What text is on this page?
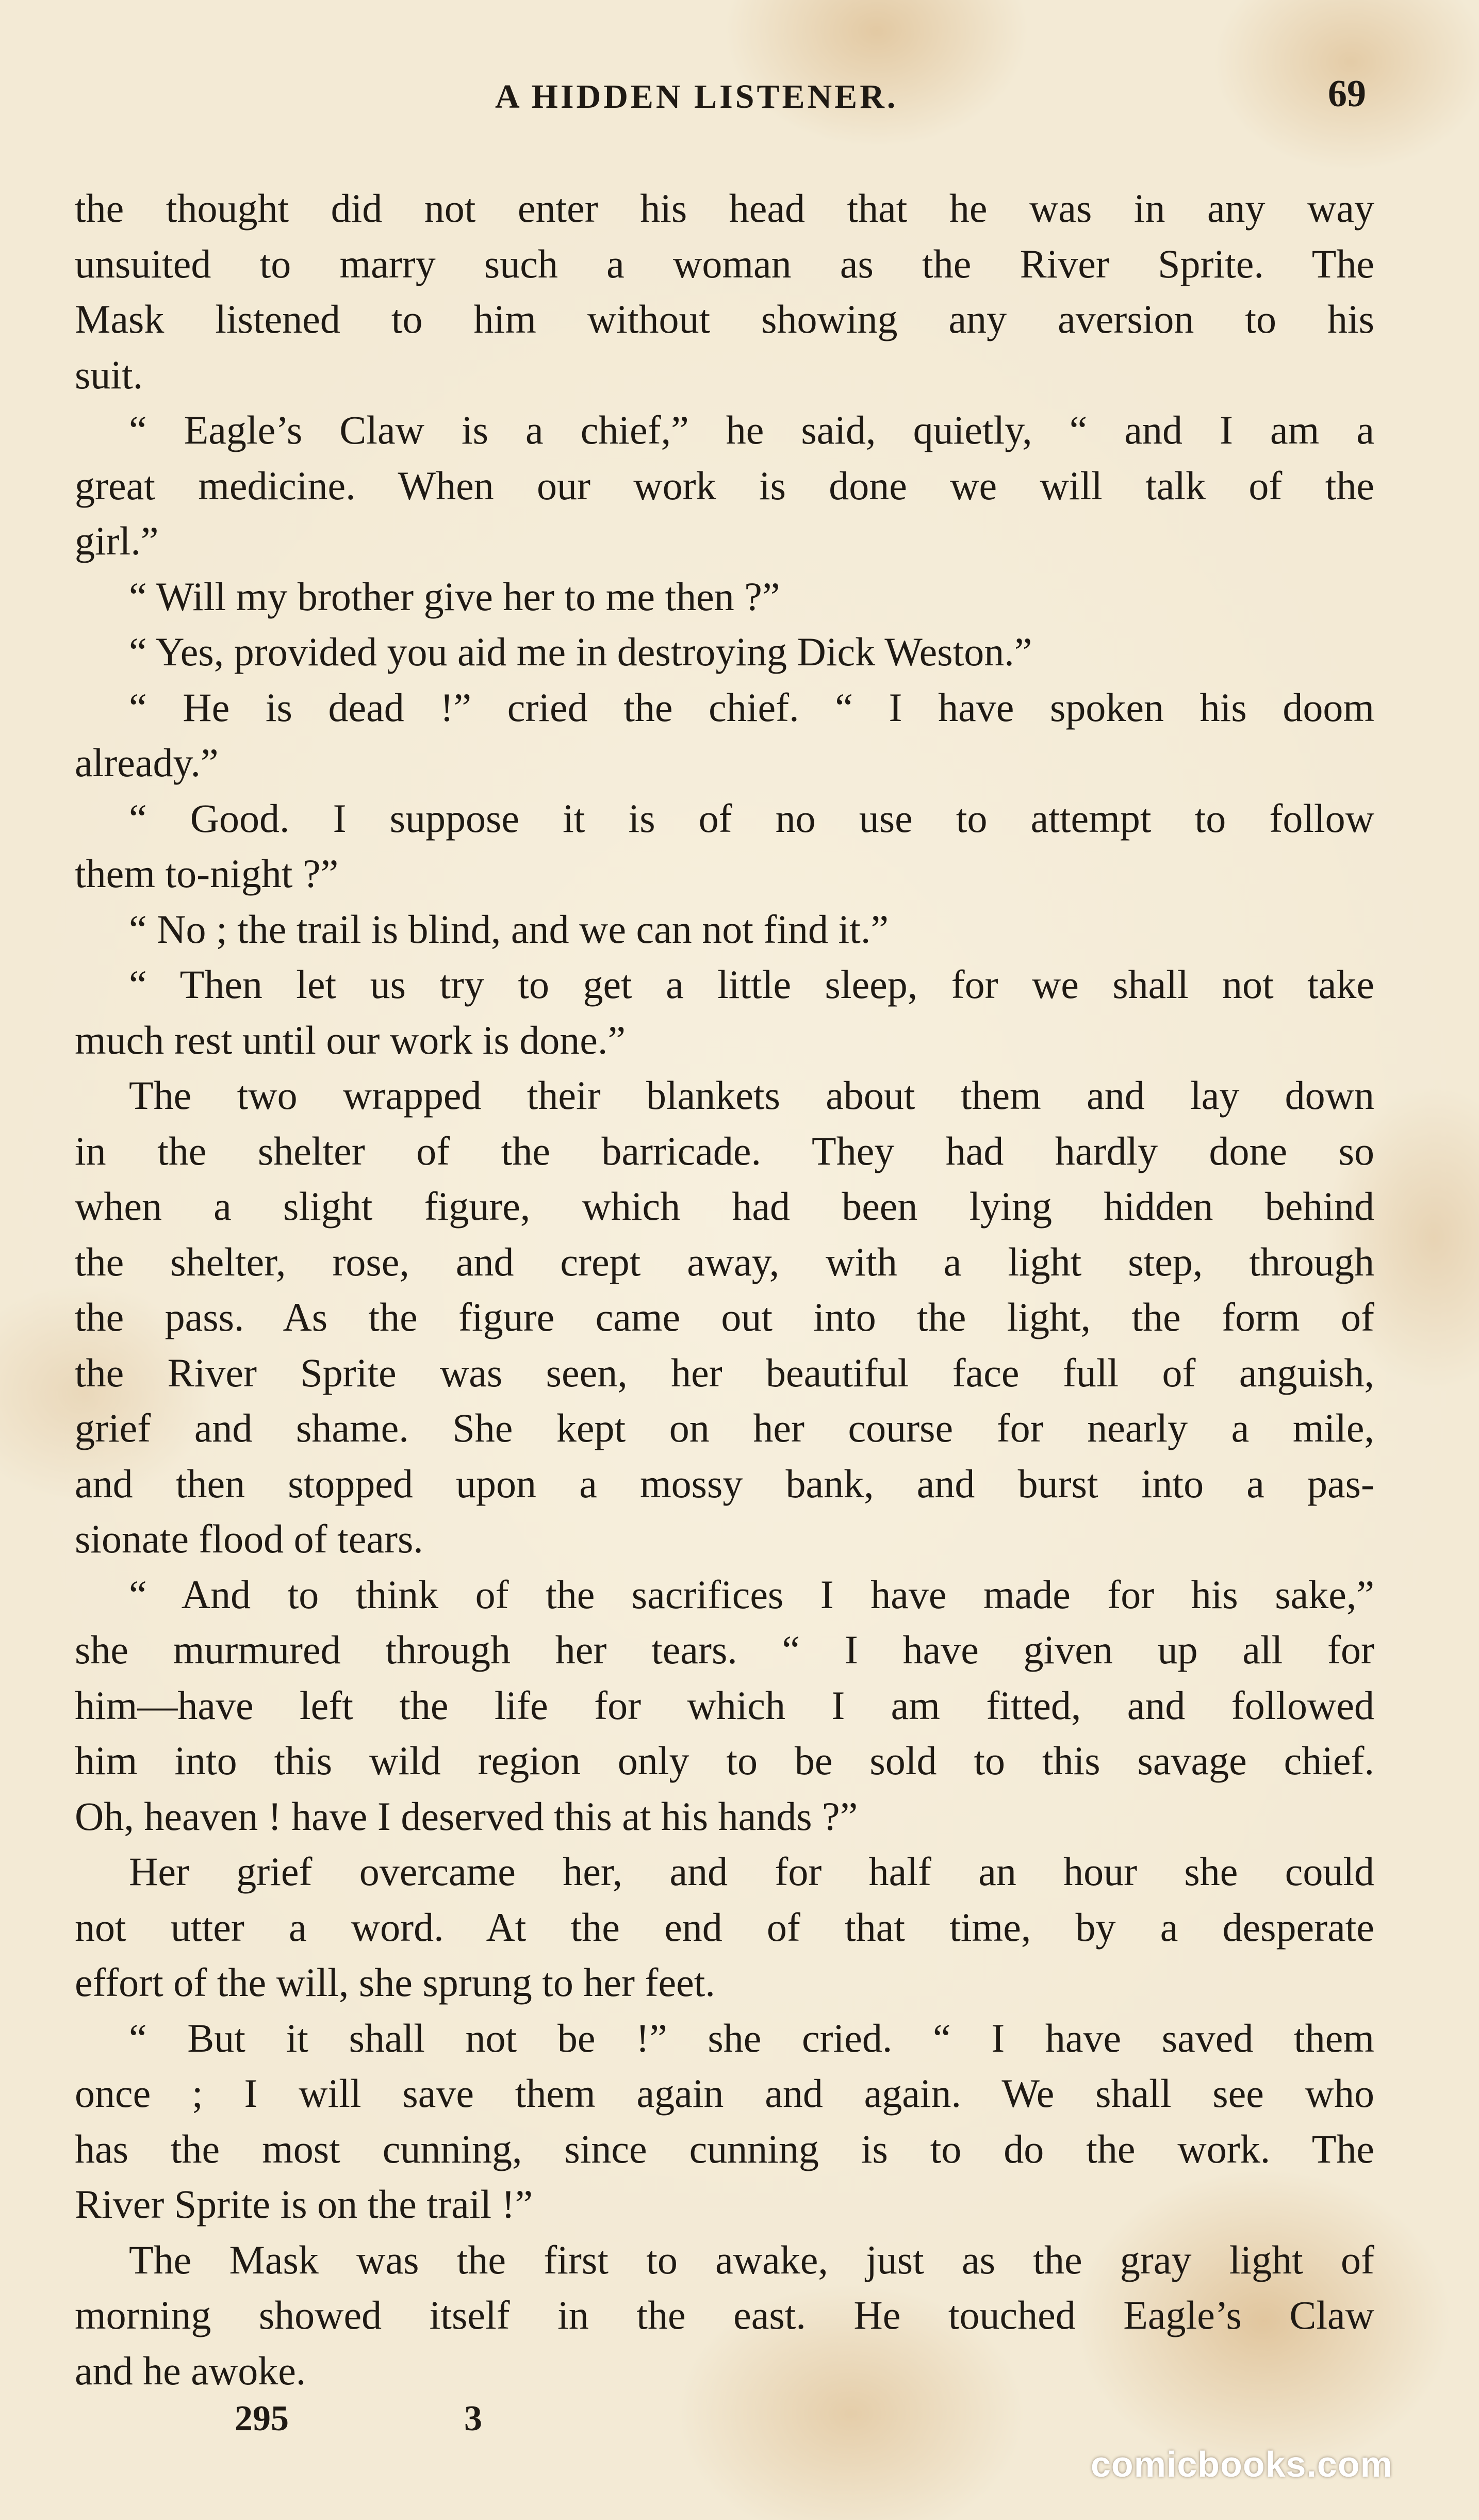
A HIDDEN LISTENER.	69
the thought did not enter his head that he was in any way
unsuited to marry such a woman as the River Sprite. The
Mask listened to him without showing any aversion to his
suit.
“ Eagle’s Claw is a chief,” he said, quietly, “ and I am a
great medicine. When our work is done we will talk of the
girl.”
“ Will my brother give her to me then ?”
“ Yes, provided you aid me in destroying Dick Weston.”
“ He is dead !” cried the chief. “ I have spoken his doom
already.”
“ Good. I suppose it is of no use to attempt to follow
them to-night ?”
“ No ; the trail is blind, and we can not find it.”
“ Then let us try to get a little sleep, for we shall not take
much rest until our work is done.”
The two wrapped their blankets about them and lay down
in the shelter of the barricade. They had hardly done so
when a slight figure, which had been lying hidden behind
the shelter, rose, and crept away, with a light step, through
the pass. As the figure came out into the light, the form of
the River Sprite was seen, her beautiful face full of anguish,
grief and shame. She kept on her course for nearly a mile,
and then stopped upon a mossy bank, and burst into a pas-
sionate flood of tears.
“ And to think of the sacrifices I have made for his sake,”
she murmured through her tears. “ I have given up all for
him—have left the life for which I am fitted, and followed
him into this wild region only to be sold to this savage chief.
Oh, heaven ! have I deserved this at his hands ?”
Her grief overcame her, and for half an hour she could
not utter a word. At the end of that time, by a desperate
effort of the will, she sprung to her feet.
“ But it shall not be !” she cried. “ I have saved them
once ; I will save them again and again. We shall see who
has the most cunning, since cunning is to do the work. The
River Sprite is on the trail !”
The Mask was the first to awake, just as the gray light of
morning showed itself in the east. He touched Eagle’s Claw
and he awoke.
295	3
comicbooks.com
